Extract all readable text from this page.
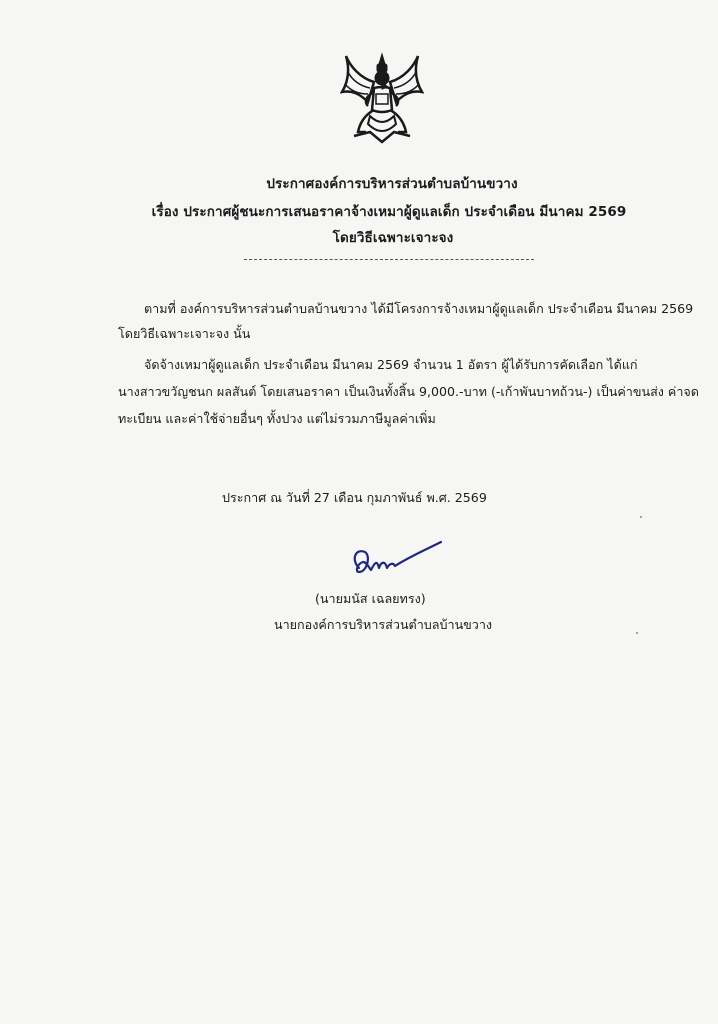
ประกาศองค์การบริหารส่วนตำบลบ้านขวาง
เรื่อง ประกาศผู้ชนะการเสนอราคาจ้างเหมาผู้ดูแลเด็ก ประจำเดือน มีนาคม 2569
โดยวิธีเฉพาะเจาะจง
ตามที่ องค์การบริหารส่วนตำบลบ้านขวาง ได้มีโครงการจ้างเหมาผู้ดูแลเด็ก ประจำเดือน มีนาคม 2569
โดยวิธีเฉพาะเจาะจง นั้น
จัดจ้างเหมาผู้ดูแลเด็ก ประจำเดือน มีนาคม 2569 จำนวน 1 อัตรา ผู้ได้รับการคัดเลือก ได้แก่
นางสาวขวัญชนก ผลสันต์ โดยเสนอราคา เป็นเงินทั้งสิ้น 9,000.-บาท (-เก้าพันบาทถ้วน-) เป็นค่าขนส่ง ค่าจด
ทะเบียน และค่าใช้จ่ายอื่นๆ ทั้งปวง แต่ไม่รวมภาษีมูลค่าเพิ่ม
ประกาศ ณ วันที่ 27 เดือน กุมภาพันธ์ พ.ศ. 2569
(นายมนัส เฉลยทรง)
นายกองค์การบริหารส่วนตำบลบ้านขวาง
